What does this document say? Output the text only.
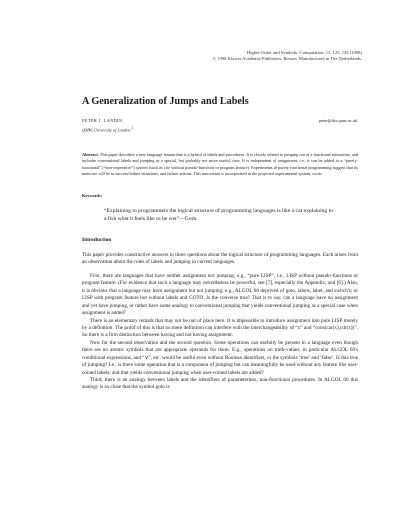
Higher-Order and Symbolic Computation, 11, 125–143 (1998)
© 1998 Kluwer Academic Publishers, Boston. Manufactured in The Netherlands.
A Generalization of Jumps and Labels
PETER J. LANDIN	peter@dcs.qmw.ac.uk
QMW, University of London $^1$

Abstract. This paper describes a new language feature that is a hybrid of labels and procedures. It is closely related to jumping out of a functional subroutine, and includes conventional labels and jumping as a special, but probably not more useful, case. It is independent of assignment, i.e., it can be added to a “purely-functional” (“non-imperative”) system (such as lisp without pseudo-functions or program feature). Experiments in purely functional programming suggest that its main use will be in success/failure situations, and failure actions. This innovation is incorporated in the projected experimental system, iswim.

Keywords:

“Explaining to programmers the logical structure of programming languages is like a cat explaining to a fish what it feels like to be wet”—Gorn.

Introduction

This paper provides constructive answers to three questions about the logical structure of programming languages. Each arises from an observation about the roles of labels and jumping in current languages.

First, there are languages that have neither assignment nor jumping; e.g., “pure LISP”, i.e., LISP without pseudo-functions or program feature. (For evidence that such a language may nevertheless be powerful, see [7], especially the Appendix, and [6].) Also, it is obvious that a language may have assignment but not jumping; e.g., ALGOL 60 deprived of goto, labels, label, and switch's; or LISP with program feature but without labels and GOTO. Is the converse true? That is to say, can a language have no assignment and yet have jumping, or rather have some analogy to conventional jumping that yields conventional jumping as a special case when assignment is added?

There is an elementary remark that may not be out of place here. It is impossible to introduce assignment into pure LISP merely by a definition. The proof of this is that no mere definition can interfere with the interchangeability of “x” and “cons(car(x),cdr(x))”. So there is a firm distinction between having and not having assignment.

Now for the second observation and the second question. Some operations can usefully be present in a language even though there are no atomic symbols that are appropriate operands for them. E.g., operations on truth-values, in particular ALGOL 60's conditional expressions, and “∨”, etc. would be useful even without Boolean identifiers, or the symbols ‘true’ and ‘false’. Is this true of jumping? I.e., is there some operation that is a component of jumping but can meaningfully be used without any feature like user-coined labels; and that yields conventional jumping when user-coined labels are added?

Third, there is an analogy between labels and the identifiers of parameterless, non-functional procedures. In ALGOL 60 this analogy is so close that the symbol goto is
